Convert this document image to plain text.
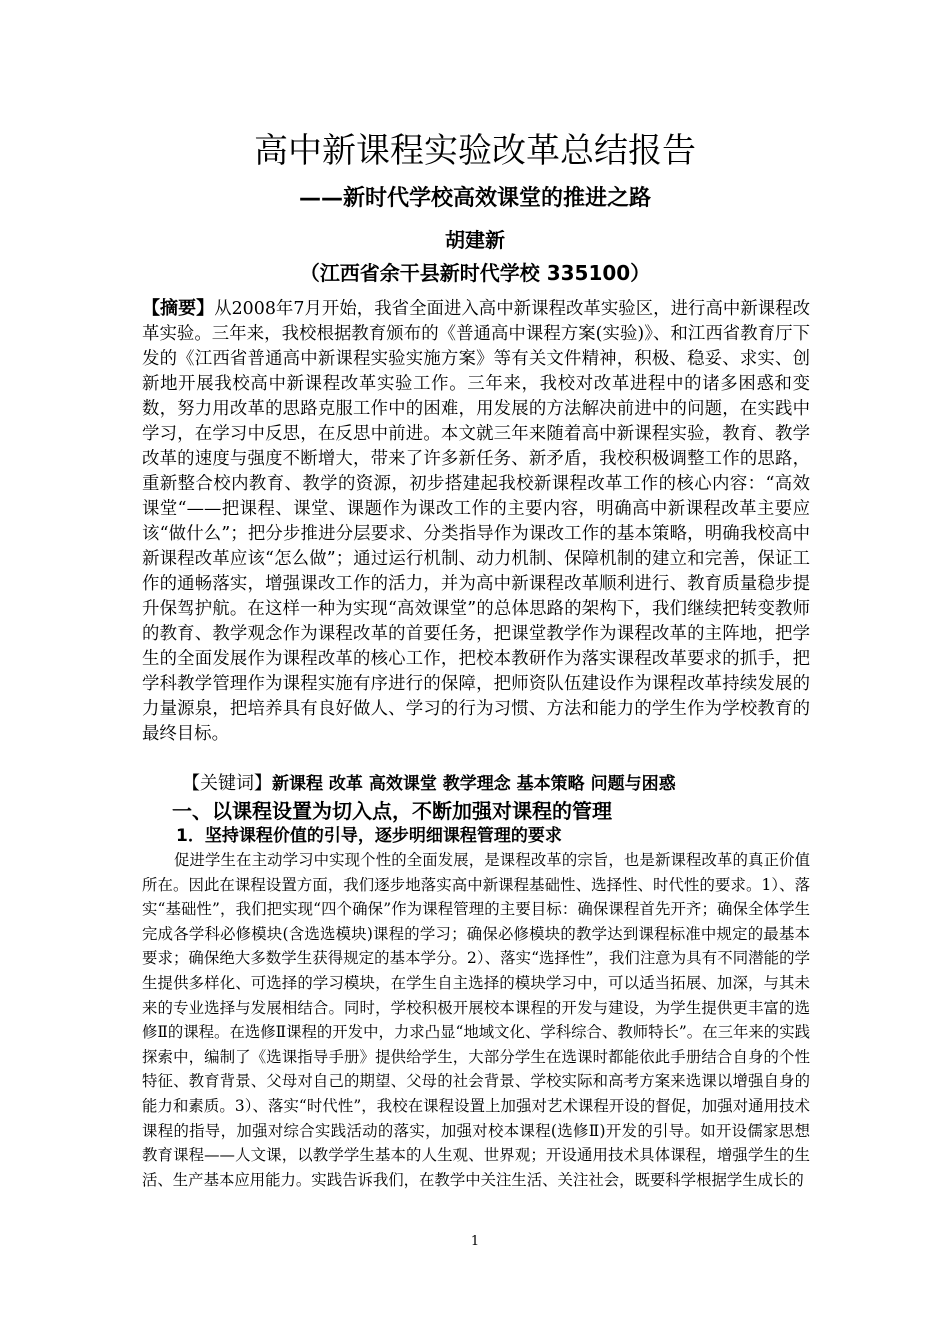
高中新课程实验改革总结报告
——新时代学校高效课堂的推进之路
胡建新
（江西省余干县新时代学校 335100）
【摘要】从2008年7月开始，我省全面进入高中新课程改革实验区，进行高中新课程改革实验。三年来，我校根据教育颁布的《普通高中课程方案(实验)》、和江西省教育厅下发的《江西省普通高中新课程实验实施方案》等有关文件精神，积极、稳妥、求实、创新地开展我校高中新课程改革实验工作。三年来，我校对改革进程中的诸多困惑和变数，努力用改革的思路克服工作中的困难，用发展的方法解决前进中的问题，在实践中学习，在学习中反思，在反思中前进。本文就三年来随着高中新课程实验，教育、教学改革的速度与强度不断增大，带来了许多新任务、新矛盾，我校积极调整工作的思路，重新整合校内教育、教学的资源，初步搭建起我校新课程改革工作的核心内容：“高效课堂“——把课程、课堂、课题作为课改工作的主要内容，明确高中新课程改革主要应该“做什么”；把分步推进分层要求、分类指导作为课改工作的基本策略，明确我校高中新课程改革应该“怎么做”；通过运行机制、动力机制、保障机制的建立和完善，保证工作的通畅落实，增强课改工作的活力，并为高中新课程改革顺利进行、教育质量稳步提升保驾护航。在这样一种为实现“高效课堂”的总体思路的架构下，我们继续把转变教师的教育、教学观念作为课程改革的首要任务，把课堂教学作为课程改革的主阵地，把学生的全面发展作为课程改革的核心工作，把校本教研作为落实课程改革要求的抓手，把学科教学管理作为课程实施有序进行的保障，把师资队伍建设作为课程改革持续发展的力量源泉，把培养具有良好做人、学习的行为习惯、方法和能力的学生作为学校教育的最终目标。
【关键词】新课程 改革 高效课堂 教学理念 基本策略 问题与困惑
一、以课程设置为切入点，不断加强对课程的管理
1．坚持课程价值的引导，逐步明细课程管理的要求
促进学生在主动学习中实现个性的全面发展，是课程改革的宗旨，也是新课程改革的真正价值所在。因此在课程设置方面，我们逐步地落实高中新课程基础性、选择性、时代性的要求。1）、落实“基础性”，我们把实现“四个确保”作为课程管理的主要目标：确保课程首先开齐；确保全体学生完成各学科必修模块(含选选模块)课程的学习；确保必修模块的教学达到课程标准中规定的最基本要求；确保绝大多数学生获得规定的基本学分。2）、落实“选择性”，我们注意为具有不同潜能的学生提供多样化、可选择的学习模块，在学生自主选择的模块学习中，可以适当拓展、加深，与其未来的专业选择与发展相结合。同时，学校积极开展校本课程的开发与建设，为学生提供更丰富的选修Ⅱ的课程。在选修Ⅱ课程的开发中，力求凸显“地域文化、学科综合、教师特长”。在三年来的实践探索中，编制了《选课指导手册》提供给学生，大部分学生在选课时都能依此手册结合自身的个性特征、教育背景、父母对自己的期望、父母的社会背景、学校实际和高考方案来选课以增强自身的能力和素质。3）、落实“时代性”，我校在课程设置上加强对艺术课程开设的督促，加强对通用技术课程的指导，加强对综合实践活动的落实，加强对校本课程(选修Ⅱ)开发的引导。如开设儒家思想教育课程——人文课，以教学学生基本的人生观、世界观；开设通用技术具体课程，增强学生的生活、生产基本应用能力。实践告诉我们，在教学中关注生活、关注社会，既要科学根据学生成长的
1
